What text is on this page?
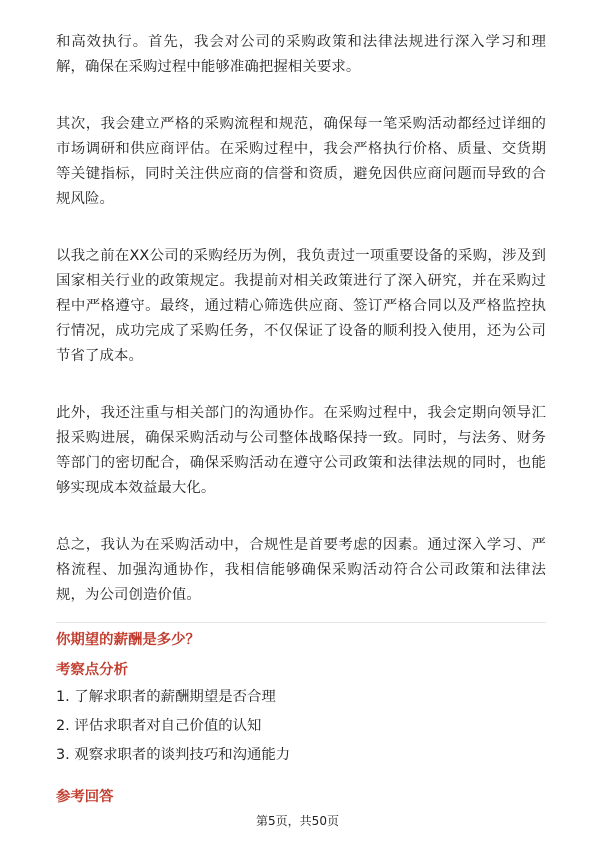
和高效执行。首先，我会对公司的采购政策和法律法规进行深入学习和理解，确保在采购过程中能够准确把握相关要求。

其次，我会建立严格的采购流程和规范，确保每一笔采购活动都经过详细的市场调研和供应商评估。在采购过程中，我会严格执行价格、质量、交货期等关键指标，同时关注供应商的信誉和资质，避免因供应商问题而导致的合规风险。

以我之前在XX公司的采购经历为例，我负责过一项重要设备的采购，涉及到国家相关行业的政策规定。我提前对相关政策进行了深入研究，并在采购过程中严格遵守。最终，通过精心筛选供应商、签订严格合同以及严格监控执行情况，成功完成了采购任务，不仅保证了设备的顺利投入使用，还为公司节省了成本。

此外，我还注重与相关部门的沟通协作。在采购过程中，我会定期向领导汇报采购进展，确保采购活动与公司整体战略保持一致。同时，与法务、财务等部门的密切配合，确保采购活动在遵守公司政策和法律法规的同时，也能够实现成本效益最大化。

总之，我认为在采购活动中，合规性是首要考虑的因素。通过深入学习、严格流程、加强沟通协作，我相信能够确保采购活动符合公司政策和法律法规，为公司创造价值。

你期望的薪酬是多少？
考察点分析
1. 了解求职者的薪酬期望是否合理
2. 评估求职者对自己价值的认知
3. 观察求职者的谈判技巧和沟通能力
参考回答
第5页，共50页
